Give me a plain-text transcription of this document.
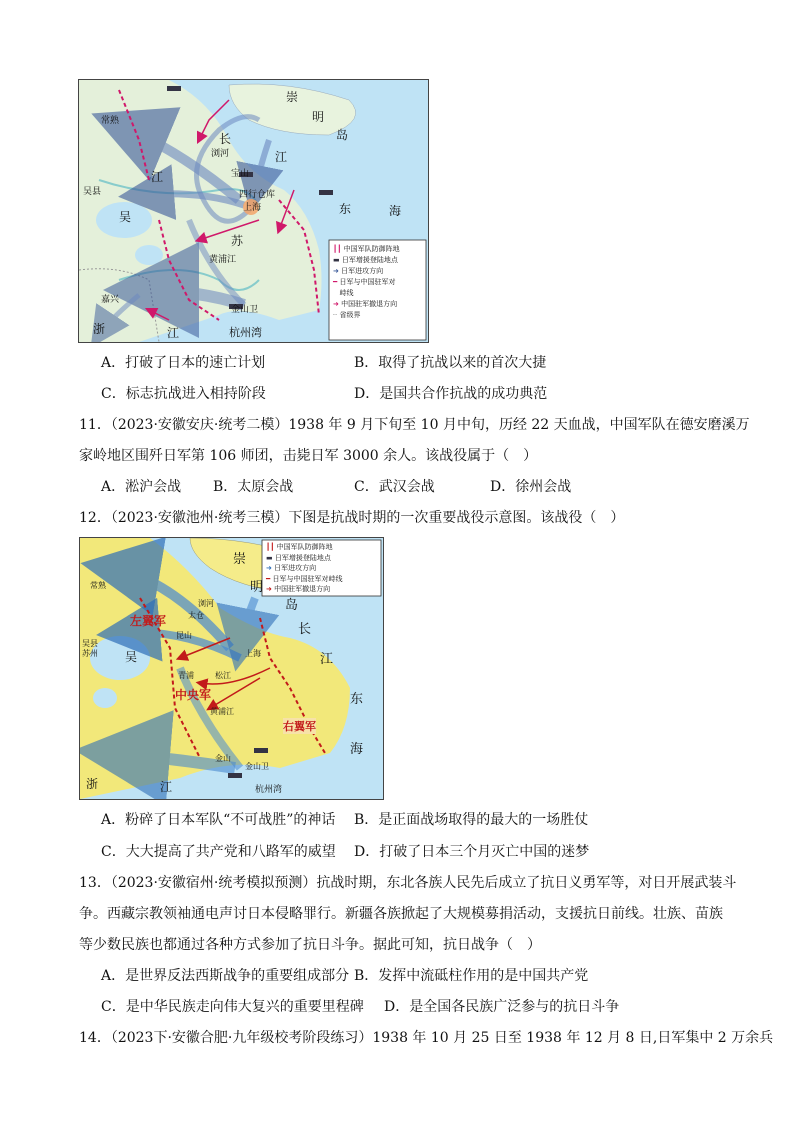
崇
明
岛
长
江
东	海
常熟
浏河
宝山
四行仓库
上海
吴县
吴
江
苏
黄浦江
嘉兴
金山卫
浙	江	杭州湾
┃┃ 中国军队防御阵地
▬ 日军增援登陆地点
➜ 日军进攻方向
━ 日军与中国驻军对
峙线
➜ 中国驻军撤退方向
┄ 省级界
A．打破了日本的速亡计划	B．取得了抗战以来的首次大捷
C．标志抗战进入相持阶段	D．是国共合作抗战的成功典范
11．（2023·安徽安庆·统考二模）1938 年 9 月下旬至 10 月中旬，历经 22 天血战，中国军队在德安磨溪万
家岭地区围歼日军第 106 师团，击毙日军 3000 余人。该战役属于（　）
A．淞沪会战 B．太原会战	C．武汉会战	D．徐州会战
12．（2023·安徽池州·统考三模）下图是抗战时期的一次重要战役示意图。该战役（　）
崇
明
岛
长
江
东
海
左翼军
中央军
右翼军
浏河
太仓
常熟
昆山
青浦
上海
松江
黄浦江
吴县
苏州 吴
金山
金山卫
浙	江	杭州湾
┃┃ 中国军队防御阵地
▬ 日军增援登陆地点
➜ 日军进攻方向
━ 日军与中国驻军对峙线
➜ 中国驻军撤退方向
A．粉碎了日本军队“不可战胜”的神话 B．是正面战场取得的最大的一场胜仗
C．大大提高了共产党和八路军的威望 D．打破了日本三个月灭亡中国的迷梦
13．（2023·安徽宿州·统考模拟预测）抗战时期，东北各族人民先后成立了抗日义勇军等，对日开展武装斗
争。西藏宗教领袖通电声讨日本侵略罪行。新疆各族掀起了大规模募捐活动，支援抗日前线。壮族、苗族
等少数民族也都通过各种方式参加了抗日斗争。据此可知，抗日战争（　）
A．是世界反法西斯战争的重要组成部分 B．发挥中流砥柱作用的是中国共产党
C．是中华民族走向伟大复兴的重要里程碑 D．是全国各民族广泛参与的抗日斗争
14．（2023下·安徽合肥·九年级校考阶段练习）1938 年 10 月 25 日至 1938 年 12 月 8 日,日军集中 2 万余兵
